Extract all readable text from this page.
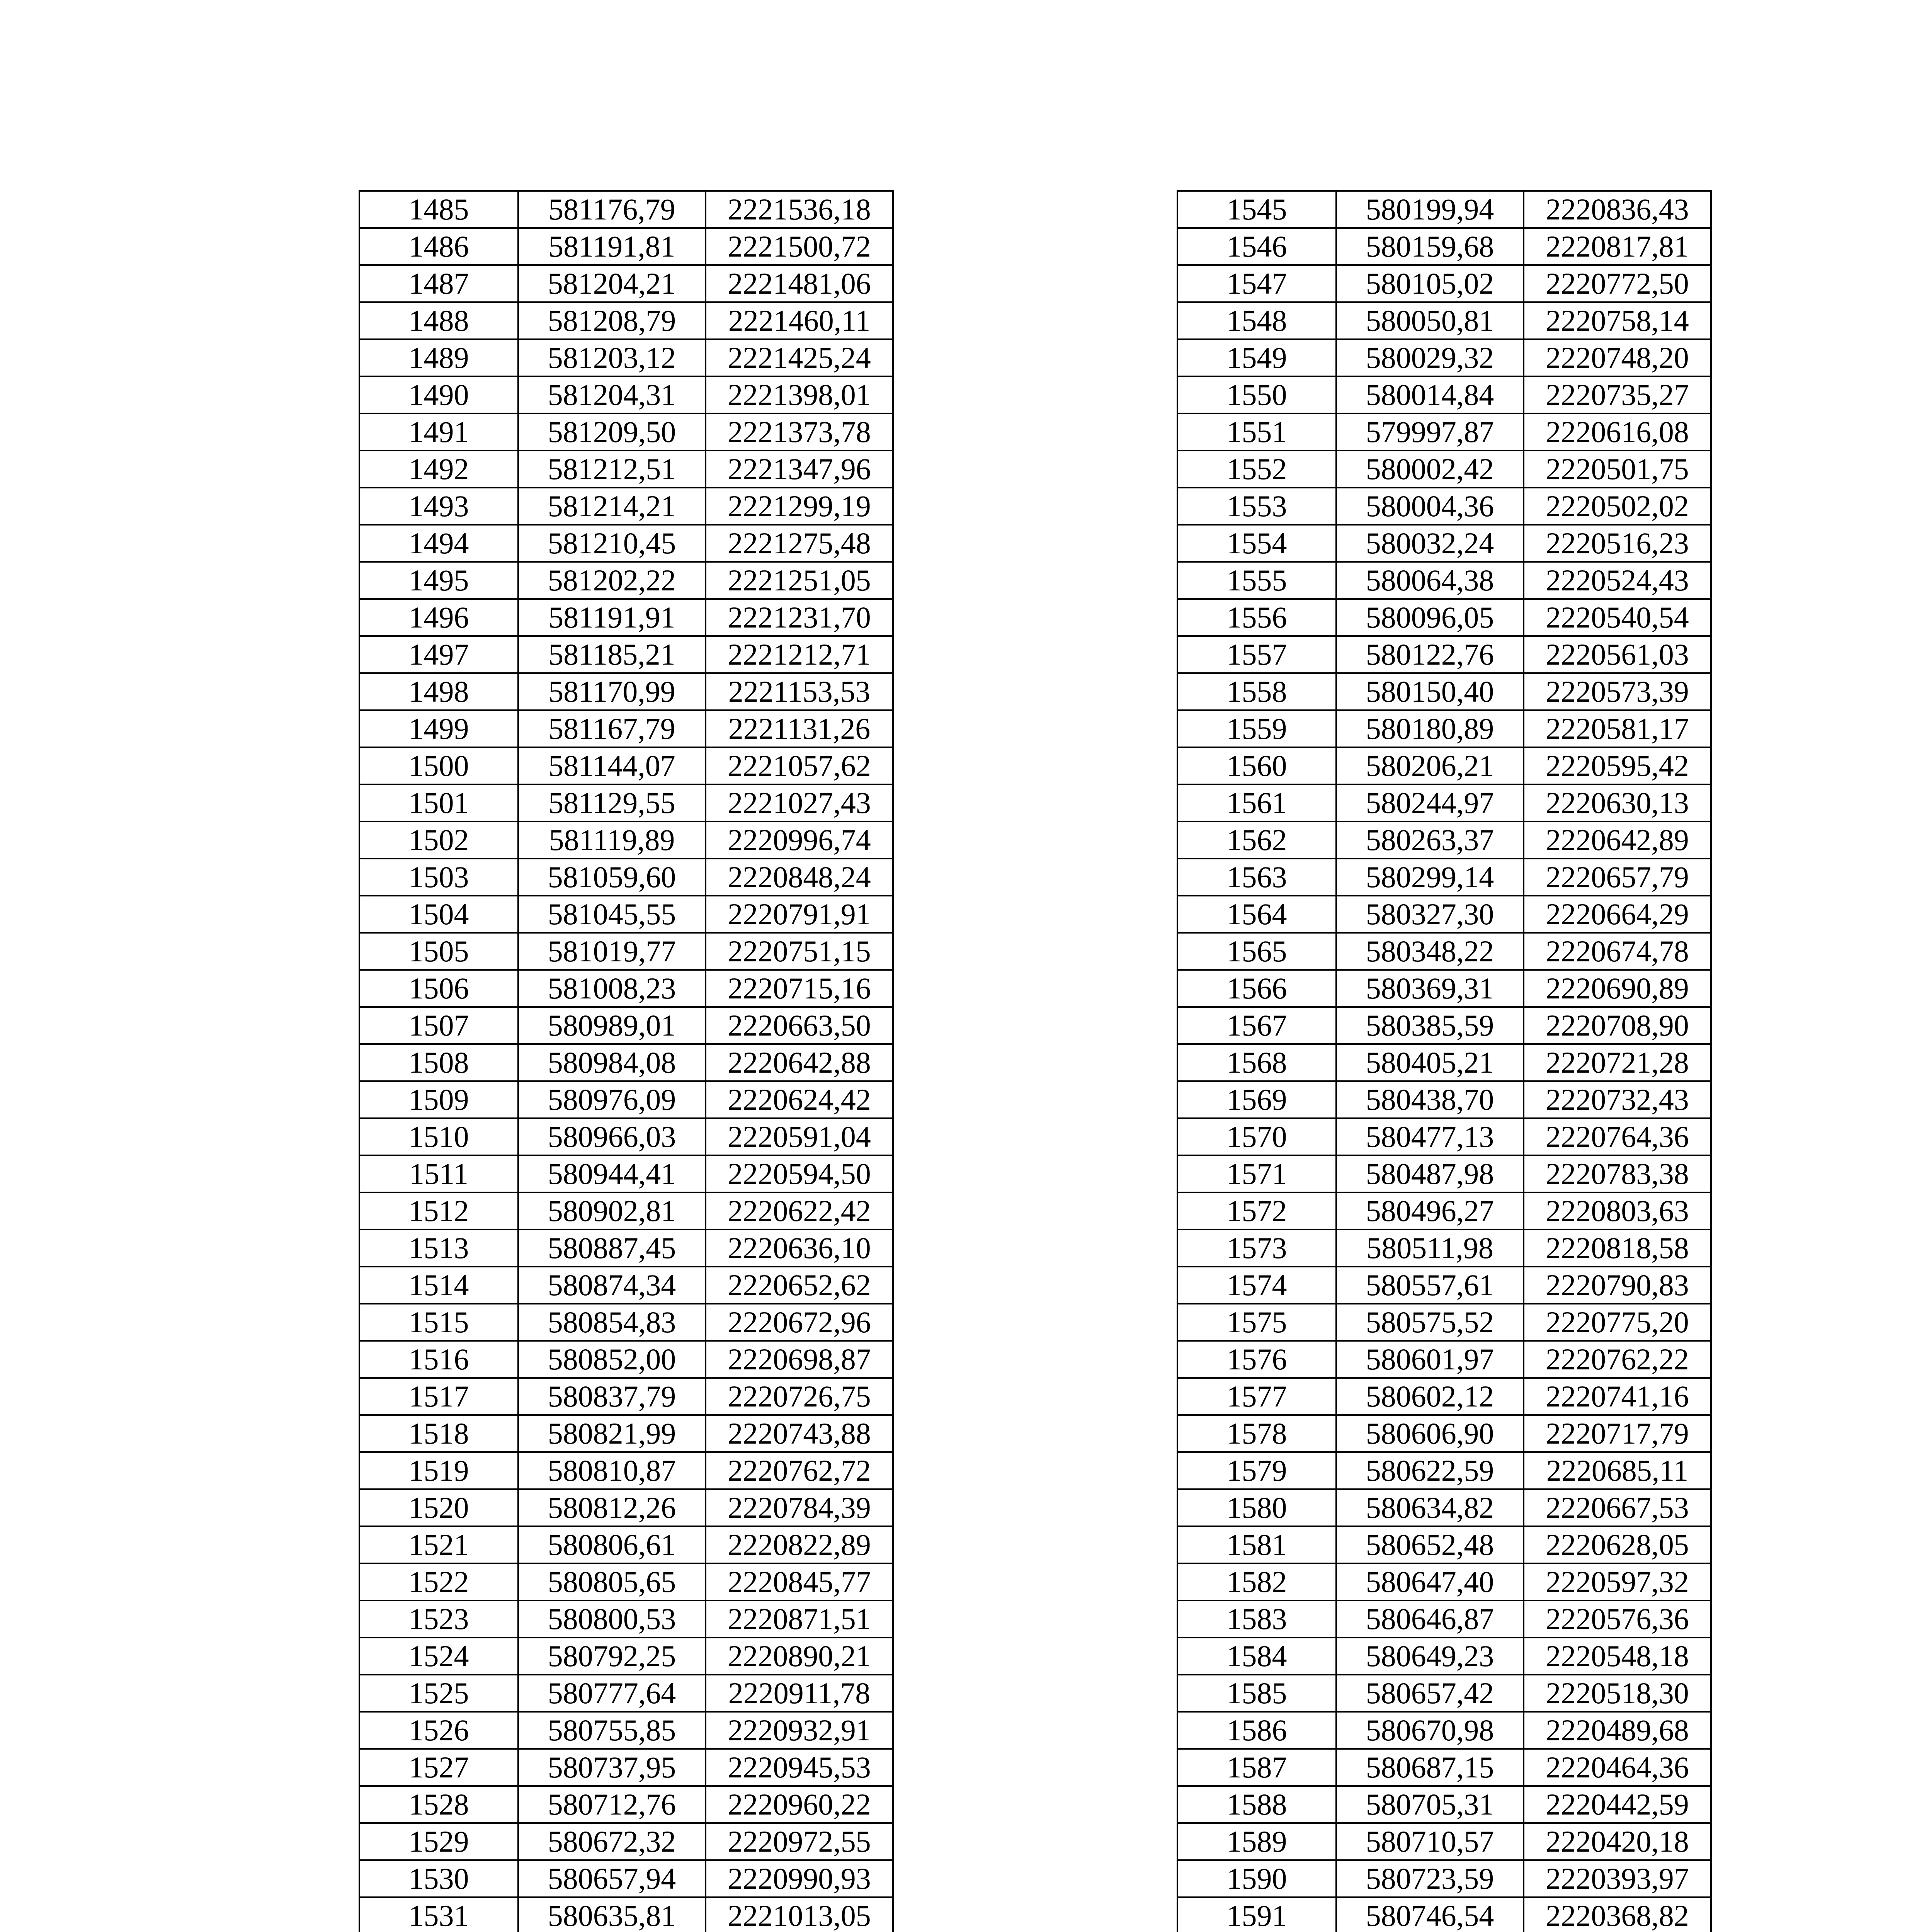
1485	581176,79	2221536,18
1486	581191,81	2221500,72
1487	581204,21	2221481,06
1488	581208,79	2221460,11
1489	581203,12	2221425,24
1490	581204,31	2221398,01
1491	581209,50	2221373,78
1492	581212,51	2221347,96
1493	581214,21	2221299,19
1494	581210,45	2221275,48
1495	581202,22	2221251,05
1496	581191,91	2221231,70
1497	581185,21	2221212,71
1498	581170,99	2221153,53
1499	581167,79	2221131,26
1500	581144,07	2221057,62
1501	581129,55	2221027,43
1502	581119,89	2220996,74
1503	581059,60	2220848,24
1504	581045,55	2220791,91
1505	581019,77	2220751,15
1506	581008,23	2220715,16
1507	580989,01	2220663,50
1508	580984,08	2220642,88
1509	580976,09	2220624,42
1510	580966,03	2220591,04
1511	580944,41	2220594,50
1512	580902,81	2220622,42
1513	580887,45	2220636,10
1514	580874,34	2220652,62
1515	580854,83	2220672,96
1516	580852,00	2220698,87
1517	580837,79	2220726,75
1518	580821,99	2220743,88
1519	580810,87	2220762,72
1520	580812,26	2220784,39
1521	580806,61	2220822,89
1522	580805,65	2220845,77
1523	580800,53	2220871,51
1524	580792,25	2220890,21
1525	580777,64	2220911,78
1526	580755,85	2220932,91
1527	580737,95	2220945,53
1528	580712,76	2220960,22
1529	580672,32	2220972,55
1530	580657,94	2220990,93
1531	580635,81	2221013,05

1545	580199,94	2220836,43
1546	580159,68	2220817,81
1547	580105,02	2220772,50
1548	580050,81	2220758,14
1549	580029,32	2220748,20
1550	580014,84	2220735,27
1551	579997,87	2220616,08
1552	580002,42	2220501,75
1553	580004,36	2220502,02
1554	580032,24	2220516,23
1555	580064,38	2220524,43
1556	580096,05	2220540,54
1557	580122,76	2220561,03
1558	580150,40	2220573,39
1559	580180,89	2220581,17
1560	580206,21	2220595,42
1561	580244,97	2220630,13
1562	580263,37	2220642,89
1563	580299,14	2220657,79
1564	580327,30	2220664,29
1565	580348,22	2220674,78
1566	580369,31	2220690,89
1567	580385,59	2220708,90
1568	580405,21	2220721,28
1569	580438,70	2220732,43
1570	580477,13	2220764,36
1571	580487,98	2220783,38
1572	580496,27	2220803,63
1573	580511,98	2220818,58
1574	580557,61	2220790,83
1575	580575,52	2220775,20
1576	580601,97	2220762,22
1577	580602,12	2220741,16
1578	580606,90	2220717,79
1579	580622,59	2220685,11
1580	580634,82	2220667,53
1581	580652,48	2220628,05
1582	580647,40	2220597,32
1583	580646,87	2220576,36
1584	580649,23	2220548,18
1585	580657,42	2220518,30
1586	580670,98	2220489,68
1587	580687,15	2220464,36
1588	580705,31	2220442,59
1589	580710,57	2220420,18
1590	580723,59	2220393,97
1591	580746,54	2220368,82
